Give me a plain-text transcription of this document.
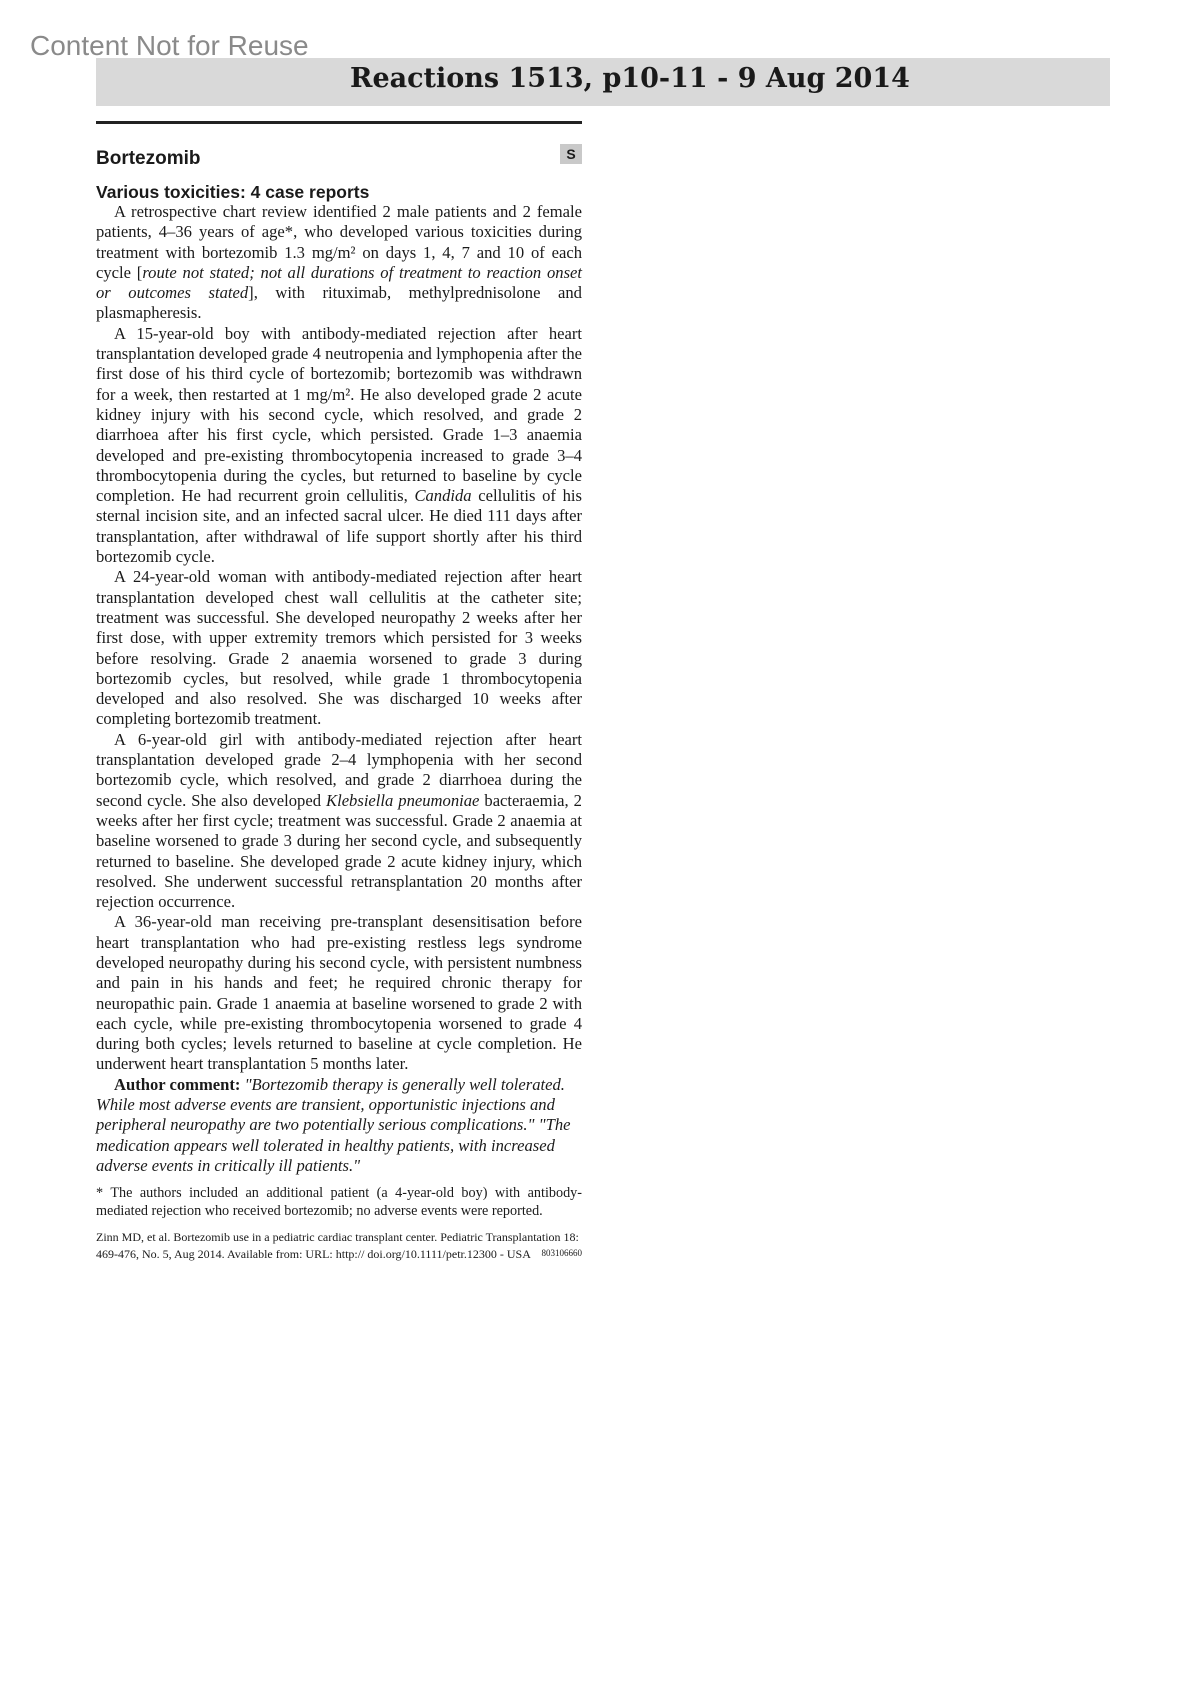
Content Not for Reuse
Reactions 1513, p10-11 - 9 Aug 2014
Bortezomib	S
Various toxicities: 4 case reports

A retrospective chart review identified 2 male patients and 2 female patients, 4–36 years of age*, who developed various toxicities during treatment with bortezomib 1.3 mg/m² on days 1, 4, 7 and 10 of each cycle [route not stated; not all durations of treatment to reaction onset or outcomes stated], with rituximab, methylprednisolone and plasmapheresis.

A 15-year-old boy with antibody-mediated rejection after heart transplantation developed grade 4 neutropenia and lymphopenia after the first dose of his third cycle of bortezomib; bortezomib was withdrawn for a week, then restarted at 1 mg/m². He also developed grade 2 acute kidney injury with his second cycle, which resolved, and grade 2 diarrhoea after his first cycle, which persisted. Grade 1–3 anaemia developed and pre-existing thrombocytopenia increased to grade 3–4 thrombocytopenia during the cycles, but returned to baseline by cycle completion. He had recurrent groin cellulitis, Candida cellulitis of his sternal incision site, and an infected sacral ulcer. He died 111 days after transplantation, after withdrawal of life support shortly after his third bortezomib cycle.

A 24-year-old woman with antibody-mediated rejection after heart transplantation developed chest wall cellulitis at the catheter site; treatment was successful. She developed neuropathy 2 weeks after her first dose, with upper extremity tremors which persisted for 3 weeks before resolving. Grade 2 anaemia worsened to grade 3 during bortezomib cycles, but resolved, while grade 1 thrombocytopenia developed and also resolved. She was discharged 10 weeks after completing bortezomib treatment.

A 6-year-old girl with antibody-mediated rejection after heart transplantation developed grade 2–4 lymphopenia with her second bortezomib cycle, which resolved, and grade 2 diarrhoea during the second cycle. She also developed Klebsiella pneumoniae bacteraemia, 2 weeks after her first cycle; treatment was successful. Grade 2 anaemia at baseline worsened to grade 3 during her second cycle, and subsequently returned to baseline. She developed grade 2 acute kidney injury, which resolved. She underwent successful retransplantation 20 months after rejection occurrence.

A 36-year-old man receiving pre-transplant desensitisation before heart transplantation who had pre-existing restless legs syndrome developed neuropathy during his second cycle, with persistent numbness and pain in his hands and feet; he required chronic therapy for neuropathic pain. Grade 1 anaemia at baseline worsened to grade 2 with each cycle, while pre-existing thrombocytopenia worsened to grade 4 during both cycles; levels returned to baseline at cycle completion. He underwent heart transplantation 5 months later.

Author comment: "Bortezomib therapy is generally well tolerated. While most adverse events are transient, opportunistic injections and peripheral neuropathy are two potentially serious complications." "The medication appears well tolerated in healthy patients, with increased adverse events in critically ill patients."

* The authors included an additional patient (a 4-year-old boy) with antibody-mediated rejection who received bortezomib; no adverse events were reported.
Zinn MD, et al. Bortezomib use in a pediatric cardiac transplant center. Pediatric Transplantation 18: 469-476, No. 5, Aug 2014. Available from: URL: http:// doi.org/10.1111/petr.12300 - USA 803106660
